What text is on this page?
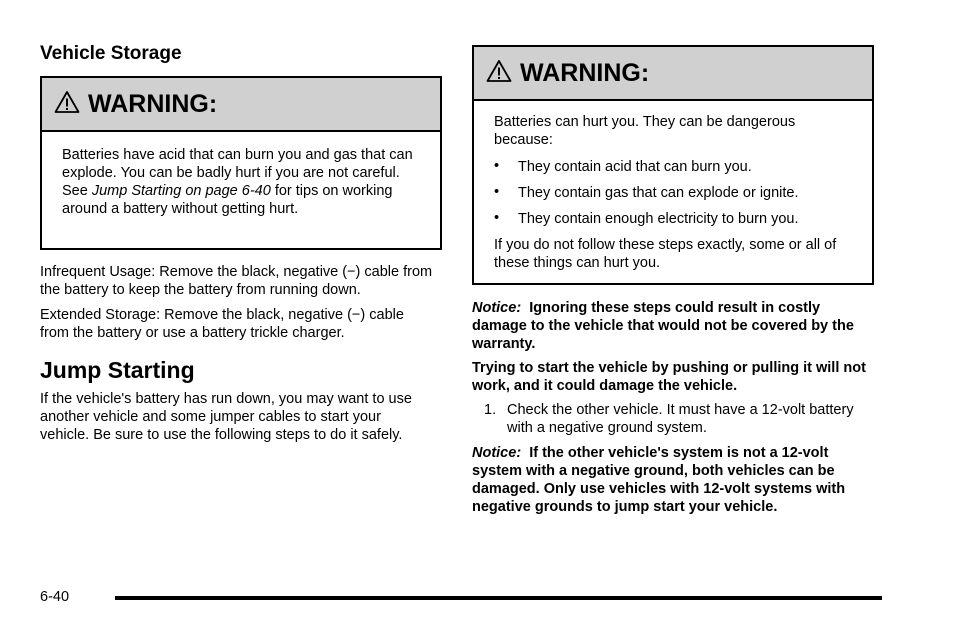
Vehicle Storage
WARNING:
Batteries have acid that can burn you and gas that can explode. You can be badly hurt if you are not careful. See Jump Starting on page 6-40 for tips on working around a battery without getting hurt.

Infrequent Usage: Remove the black, negative (−) cable from the battery to keep the battery from running down.

Extended Storage: Remove the black, negative (−) cable from the battery or use a battery trickle charger.

Jump Starting

If the vehicle's battery has run down, you may want to use another vehicle and some jumper cables to start your vehicle. Be sure to use the following steps to do it safely.

WARNING:

Batteries can hurt you. They can be dangerous because:

• They contain acid that can burn you.
• They contain gas that can explode or ignite.
• They contain enough electricity to burn you.

If you do not follow these steps exactly, some or all of these things can hurt you.

Notice: Ignoring these steps could result in costly damage to the vehicle that would not be covered by the warranty.

Trying to start the vehicle by pushing or pulling it will not work, and it could damage the vehicle.

1. Check the other vehicle. It must have a 12-volt battery with a negative ground system.

Notice: If the other vehicle's system is not a 12-volt system with a negative ground, both vehicles can be damaged. Only use vehicles with 12-volt systems with negative grounds to jump start your vehicle.

6-40
